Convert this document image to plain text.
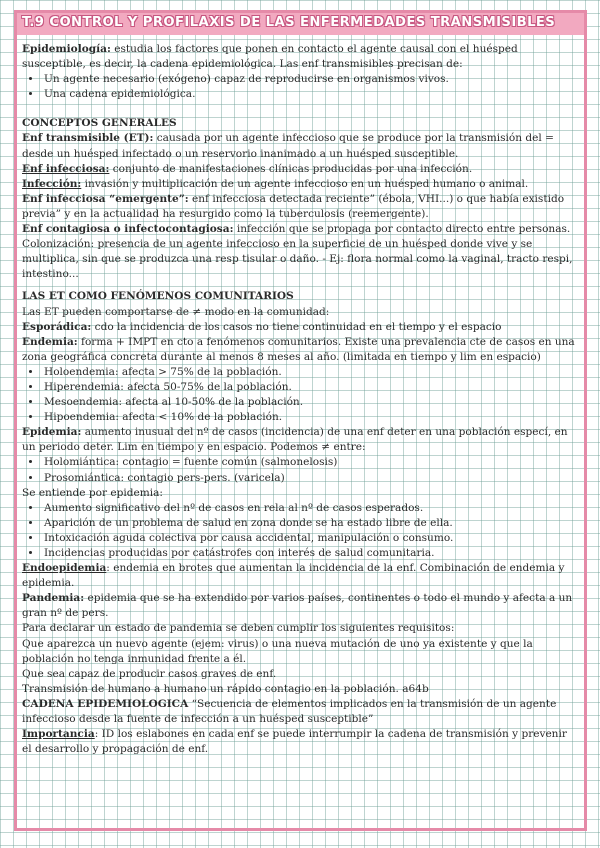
T.9 CONTROL Y PROFILAXIS DE LAS ENFERMEDADES TRANSMISIBLES

Epidemiología: estudia los factores que ponen en contacto el agente causal con el huésped susceptible, es decir, la cadena epidemiológica. Las enf transmisibles precisan de:

• Un agente necesario (exógeno) capaz de reproducirse en organismos vivos.
• Una cadena epidemiológica.

CONCEPTOS GENERALES

Enf transmisible (ET): causada por un agente infeccioso que se produce por la transmisión del = desde un huésped infectado o un reservorio inanimado a un huésped susceptible.

Enf infecciosa: conjunto de manifestaciones clínicas producidas por una infección.

Infección: invasión y multiplicación de un agente infeccioso en un huésped humano o animal.

Enf infecciosa “emergente”: enf infecciosa detectada reciente” (ébola, VHI...) o que había existido previa” y en la actualidad ha resurgido como la tuberculosis (reemergente).

Enf contagiosa o infectocontagiosa: infección que se propaga por contacto directo entre personas.

Colonización: presencia de un agente infeccioso en la superficie de un huésped donde vive y se multiplica, sin que se produzca una resp tisular o daño. - Ej: flora normal como la vaginal, tracto respi, intestino...

LAS ET COMO FENÓMENOS COMUNITARIOS

Las ET pueden comportarse de ≠ modo en la comunidad:

Esporádica: cdo la incidencia de los casos no tiene continuidad en el tiempo y el espacio

Endemia: forma + IMPT en cto a fenómenos comunitarios. Existe una prevalencia cte de casos en una zona geográfica concreta durante al menos 8 meses al año. (limitada en tiempo y lim en espacio)

• Holoendemia: afecta > 75% de la población.
• Hiperendemia: afecta 50-75% de la población.
• Mesoendemia: afecta al 10-50% de la población.
• Hipoendemia: afecta < 10% de la población.

Epidemia: aumento inusual del nº de casos (incidencia) de una enf deter en una población especí, en un periodo deter. Lim en tiempo y en espacio. Podemos ≠ entre:

• Holomiántica: contagio = fuente común (salmonelosis)
• Prosomiántica: contagio pers-pers. (varicela)

Se entiende por epidemia:

• Aumento significativo del nº de casos en rela al nº de casos esperados.
• Aparición de un problema de salud en zona donde se ha estado libre de ella.
• Intoxicación aguda colectiva por causa accidental, manipulación o consumo.
• Incidencias producidas por catástrofes con interés de salud comunitaria.

Endoepidemia: endemia en brotes que aumentan la incidencia de la enf. Combinación de endemia y epidemia.

Pandemia: epidemia que se ha extendido por varios países, continentes o todo el mundo y afecta a un gran nº de pers.

Para declarar un estado de pandemia se deben cumplir los siguientes requisitos:

Que aparezca un nuevo agente (ejem: virus) o una nueva mutación de uno ya existente y que la población no tenga inmunidad frente a él.

Que sea capaz de producir casos graves de enf.

Transmisión de humano a humano un rápido contagio en la población. a64b

CADENA EPIDEMIOLOGICA “Secuencia de elementos implicados en la transmisión de un agente infeccioso desde la fuente de infección a un huésped susceptible”

Importancia: ID los eslabones en cada enf se puede interrumpir la cadena de transmisión y prevenir el desarrollo y propagación de enf.
